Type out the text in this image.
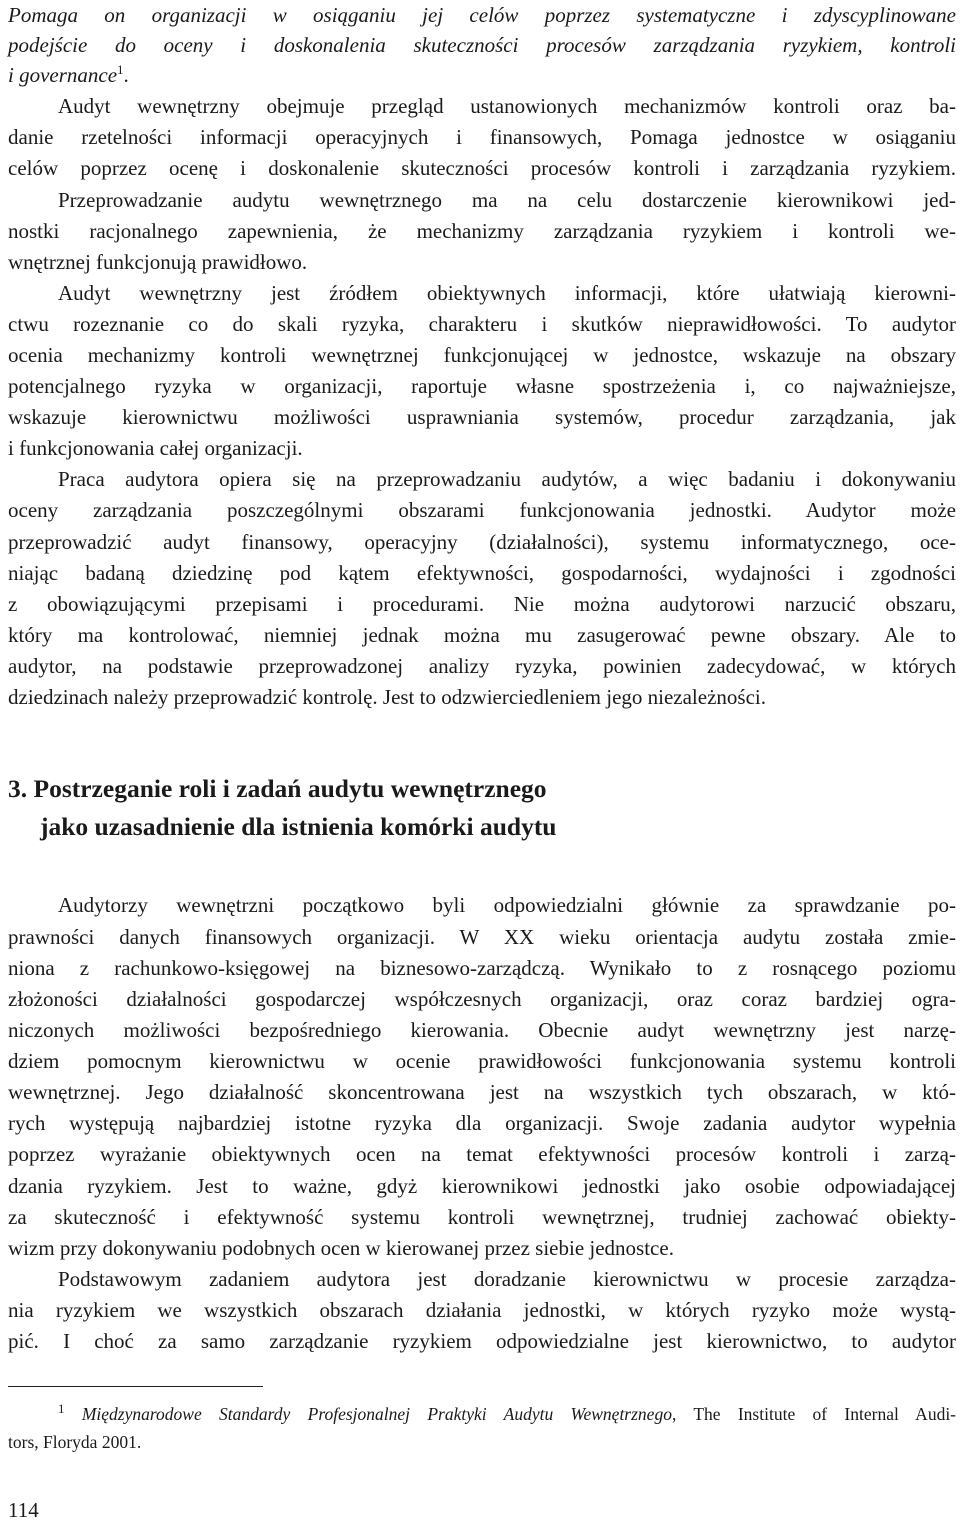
Pomaga on organizacji w osiąganiu jej celów poprzez systematyczne i zdyscyplinowane
podejście do oceny i doskonalenia skuteczności procesów zarządzania ryzykiem, kontroli
i governance$^1$.
Audyt wewnętrzny obejmuje przegląd ustanowionych mechanizmów kontroli oraz ba-
danie rzetelności informacji operacyjnych i finansowych, Pomaga jednostce w osiąganiu
celów poprzez ocenę i doskonalenie skuteczności procesów kontroli i zarządzania ryzykiem.
Przeprowadzanie audytu wewnętrznego ma na celu dostarczenie kierownikowi jed-
nostki racjonalnego zapewnienia, że mechanizmy zarządzania ryzykiem i kontroli we-
wnętrznej funkcjonują prawidłowo.
Audyt wewnętrzny jest źródłem obiektywnych informacji, które ułatwiają kierowni-
ctwu rozeznanie co do skali ryzyka, charakteru i skutków nieprawidłowości. To audytor
ocenia mechanizmy kontroli wewnętrznej funkcjonującej w jednostce, wskazuje na obszary
potencjalnego ryzyka w organizacji, raportuje własne spostrzeżenia i, co najważniejsze,
wskazuje kierownictwu możliwości usprawniania systemów, procedur zarządzania, jak
i funkcjonowania całej organizacji.
Praca audytora opiera się na przeprowadzaniu audytów, a więc badaniu i dokonywaniu
oceny zarządzania poszczególnymi obszarami funkcjonowania jednostki. Audytor może
przeprowadzić audyt finansowy, operacyjny (działalności), systemu informatycznego, oce-
niając badaną dziedzinę pod kątem efektywności, gospodarności, wydajności i zgodności
z obowiązującymi przepisami i procedurami. Nie można audytorowi narzucić obszaru,
który ma kontrolować, niemniej jednak można mu zasugerować pewne obszary. Ale to
audytor, na podstawie przeprowadzonej analizy ryzyka, powinien zadecydować, w których
dziedzinach należy przeprowadzić kontrolę. Jest to odzwierciedleniem jego niezależności.
3. Postrzeganie roli i zadań audytu wewnętrznego
jako uzasadnienie dla istnienia komórki audytu
Audytorzy wewnętrzni początkowo byli odpowiedzialni głównie za sprawdzanie po-
prawności danych finansowych organizacji. W XX wieku orientacja audytu została zmie-
niona z rachunkowo-księgowej na biznesowo-zarządczą. Wynikało to z rosnącego poziomu
złożoności działalności gospodarczej współczesnych organizacji, oraz coraz bardziej ogra-
niczonych możliwości bezpośredniego kierowania. Obecnie audyt wewnętrzny jest narzę-
dziem pomocnym kierownictwu w ocenie prawidłowości funkcjonowania systemu kontroli
wewnętrznej. Jego działalność skoncentrowana jest na wszystkich tych obszarach, w któ-
rych występują najbardziej istotne ryzyka dla organizacji. Swoje zadania audytor wypełnia
poprzez wyrażanie obiektywnych ocen na temat efektywności procesów kontroli i zarzą-
dzania ryzykiem. Jest to ważne, gdyż kierownikowi jednostki jako osobie odpowiadającej
za skuteczność i efektywność systemu kontroli wewnętrznej, trudniej zachować obiekty-
wizm przy dokonywaniu podobnych ocen w kierowanej przez siebie jednostce.
Podstawowym zadaniem audytora jest doradzanie kierownictwu w procesie zarządza-
nia ryzykiem we wszystkich obszarach działania jednostki, w których ryzyko może wystą-
pić. I choć za samo zarządzanie ryzykiem odpowiedzialne jest kierownictwo, to audytor
$^1$ Międzynarodowe Standardy Profesjonalnej Praktyki Audytu Wewnętrznego, The Institute of Internal Audi-
tors, Floryda 2001.
114
